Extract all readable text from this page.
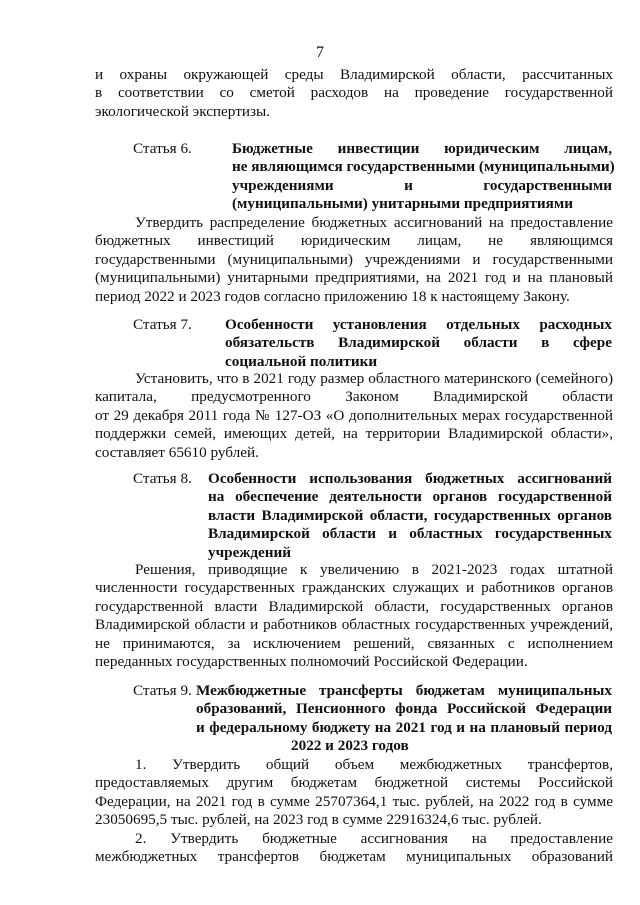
7
и охраны окружающей среды Владимирской области, рассчитанных
в соответствии со сметой расходов на проведение государственной
экологической экспертизы.
Статья 6.	Бюджетные инвестиции юридическим лицам,
не являющимся государственными (муниципальными)
учреждениями и государственными
(муниципальными) унитарными предприятиями
Утвердить распределение бюджетных ассигнований на предоставление
бюджетных инвестиций юридическим лицам, не являющимся
государственными (муниципальными) учреждениями и государственными
(муниципальными) унитарными предприятиями, на 2021 год и на плановый
период 2022 и 2023 годов согласно приложению 18 к настоящему Закону.
Статья 7. Особенности установления отдельных расходных
обязательств Владимирской области в сфере
социальной политики
Установить, что в 2021 году размер областного материнского (семейного)
капитала, предусмотренного Законом Владимирской области
от 29 декабря 2011 года № 127-ОЗ «О дополнительных мерах государственной
поддержки семей, имеющих детей, на территории Владимирской области»,
составляет 65610 рублей.
Статья 8. Особенности использования бюджетных ассигнований
на обеспечение деятельности органов государственной
власти Владимирской области, государственных органов
Владимирской области и областных государственных
учреждений
Решения, приводящие к увеличению в 2021-2023 годах штатной
численности государственных гражданских служащих и работников органов
государственной власти Владимирской области, государственных органов
Владимирской области и работников областных государственных учреждений,
не принимаются, за исключением решений, связанных с исполнением
переданных государственных полномочий Российской Федерации.
Статья 9. Межбюджетные трансферты бюджетам муниципальных
образований, Пенсионного фонда Российской Федерации
и федеральному бюджету на 2021 год и на плановый период
2022 и 2023 годов
1. Утвердить общий объем межбюджетных трансфертов,
предоставляемых другим бюджетам бюджетной системы Российской
Федерации, на 2021 год в сумме 25707364,1 тыс. рублей, на 2022 год в сумме
23050695,5 тыс. рублей, на 2023 год в сумме 22916324,6 тыс. рублей.
2. Утвердить бюджетные ассигнования на предоставление
межбюджетных трансфертов бюджетам муниципальных образований
